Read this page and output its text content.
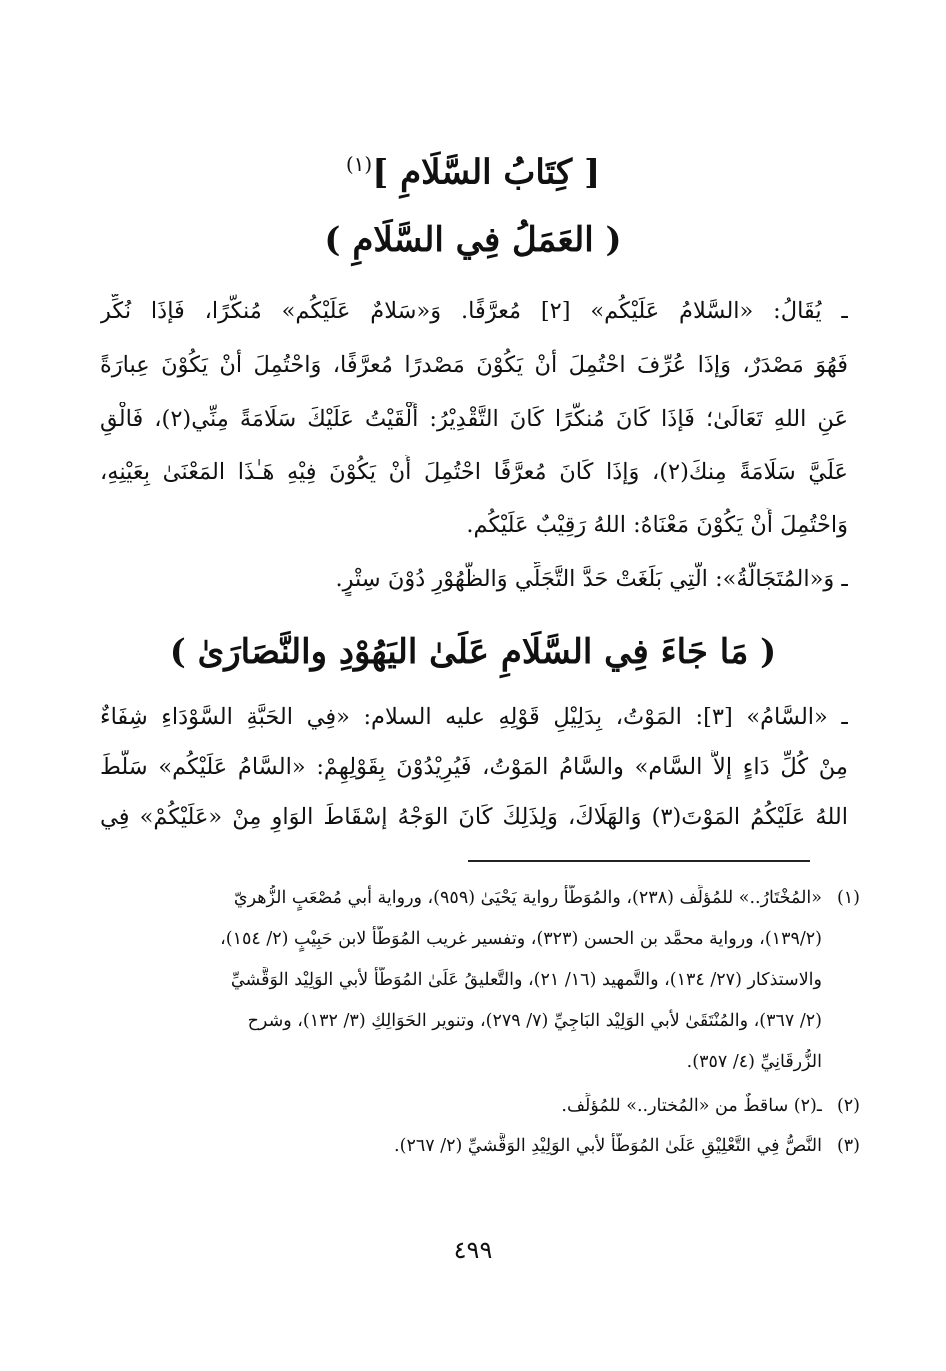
[ كِتَابُ السَّلَامِ ]$^{(١)}$
( العَمَلُ فِي السَّلَامِ )
ـ يُقَالُ: «السَّلامُ عَلَيْكُم» [٢] مُعرَّفًا. وَ«سَلامٌ عَلَيْكُم» مُنكَّرًا، فَإذَا نُكِّر
فَهُوَ مَصْدَرٌ، وَإذَا عُرِّفَ احْتُمِلَ أنْ يَكُوْنَ مَصْدرًا مُعرَّفًا، وَاحْتُمِلَ أنْ يَكُوْنَ عِبارَةً
عَنِ اللهِ تَعَالَىٰ؛ فَإذَا كَانَ مُنكَّرًا كَانَ التَّقْدِيْرُ: أَلْقَيْتُ عَلَيْكَ سَلَامَةً مِنِّي(٢)، فَالْقِ
عَلَيَّ سَلَامَةً مِنكَ(٢)، وَإذَا كَانَ مُعرَّفًا احْتُمِلَ أَنْ يَكُوْنَ فِيْهِ هَـٰذَا المَعْنَىٰ بِعَيْنِهِ،
وَاحْتُمِلَ أَنْ يَكُوْنَ مَعْنَاهُ: اللهُ رَقِيْبٌ عَلَيْكُم.
ـ وَ«المُتَجَالَّةُ»: الَّتِي بَلَغَتْ حَدَّ التَّجَلِّي وَالظُّهُوْرِ دُوْنَ سِتْرٍ.
( مَا جَاءَ فِي السَّلَامِ عَلَىٰ اليَهُوْدِ والنَّصَارَىٰ )
ـ «السَّامُ» [٣]: المَوْتُ، بِدَلِيْلِ قَوْلِهِ عليه السلام: «فِي الحَبَّةِ السَّوْدَاءِ شِفَاءٌ
مِنْ كُلِّ دَاءٍ إلاَّ السَّام» والسَّامُ المَوْتُ، فَيُرِيْدُوْنَ بِقَوْلِهِمْ: «السَّامُ عَلَيْكُم» سَلَّطَ
اللهُ عَلَيْكُمُ المَوْتَ(٣) وَالهَلَاكَ، وَلِذَلِكَ كَانَ الوَجْهُ إسْقَاطَ الوَاوِ مِنْ «عَلَيْكُمْ» فِي
(١)
«المُخْتَارُ..» للمُؤلِّف (٢٣٨)، والمُوَطَّأ رواية يَحْيَىٰ (٩٥٩)، ورواية أبي مُصْعَبٍ الزُّهريّ
(١٣٩/٢)، ورواية محمَّد بن الحسن (٣٢٣)، وتفسير غريب المُوَطَّأ لابن حَبِيْبٍ (٢/ ١٥٤)،
والاستذكار (٢٧/ ١٣٤)، والتَّمهيد (١٦/ ٢١)، والتَّعليقُ عَلَىٰ المُوَطَّأ لأبي الوَلِيْد الوَقَّشيِّ
(٢/ ٣٦٧)، والمُنْتَقَىٰ لأبي الوَلِيْد البَاجِيِّ (٧/ ٢٧٩)، وتنوير الحَوَالِكِ (٣/ ١٣٢)، وشرح
الزُّرقَانِيِّ (٤/ ٣٥٧).
(٢)
ـ(٢) ساقطٌ من «المُختار..» للمُؤلِّف.
(٣)
النَّصُّ فِي التَّعْلِيْقِ عَلَىٰ المُوَطَّأ لأبي الوَلِيْدِ الوَقَّشيِّ (٢/ ٢٦٧).
٤٩٩
